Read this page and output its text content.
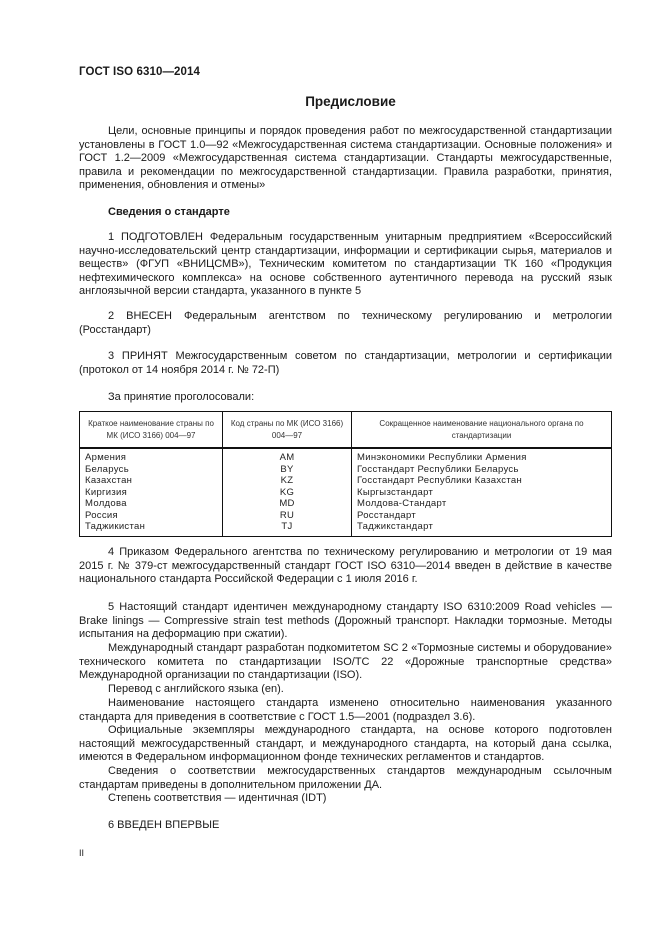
ГОСТ ISO 6310—2014
Предисловие
Цели, основные принципы и порядок проведения работ по межгосударственной стандартизации установлены в ГОСТ 1.0—92 «Межгосударственная система стандартизации. Основные положения» и ГОСТ 1.2—2009 «Межгосударственная система стандартизации. Стандарты межгосударственные, правила и рекомендации по межгосударственной стандартизации. Правила разработки, принятия, применения, обновления и отмены»
Сведения о стандарте
1 ПОДГОТОВЛЕН Федеральным государственным унитарным предприятием «Всероссийский научно-исследовательский центр стандартизации, информации и сертификации сырья, материалов и веществ» (ФГУП «ВНИЦСМВ»), Техническим комитетом по стандартизации ТК 160 «Продукция нефтехимического комплекса» на основе собственного аутентичного перевода на русский язык англоязычной версии стандарта, указанного в пункте 5
2 ВНЕСЕН Федеральным агентством по техническому регулированию и метрологии (Росстандарт)
3 ПРИНЯТ Межгосударственным советом по стандартизации, метрологии и сертификации (протокол от 14 ноября 2014 г. № 72-П)
За принятие проголосовали:
Краткое наименование страны по МК (ИСО 3166) 004—97	Код страны по МК (ИСО 3166) 004—97	Сокращенное наименование национального органа по стандартизации
Армения	AM	Минэкономики Республики Армения
Беларусь	BY	Госстандарт Республики Беларусь
Казахстан	KZ	Госстандарт Республики Казахстан
Киргизия	KG	Кыргызстандарт
Молдова	MD	Молдова-Стандарт
Россия	RU	Росстандарт
Таджикистан	TJ	Таджикстандарт
4 Приказом Федерального агентства по техническому регулированию и метрологии от 19 мая 2015 г. № 379-ст межгосударственный стандарт ГОСТ ISO 6310—2014 введен в действие в качестве национального стандарта Российской Федерации с 1 июля 2016 г.
5 Настоящий стандарт идентичен международному стандарту ISO 6310:2009 Road vehicles — Brake linings — Compressive strain test methods (Дорожный транспорт. Накладки тормозные. Методы испытания на деформацию при сжатии).
Международный стандарт разработан подкомитетом SC 2 «Тормозные системы и оборудование» технического комитета по стандартизации ISO/TC 22 «Дорожные транспортные средства» Международной организации по стандартизации (ISO).
Перевод с английского языка (en).
Наименование настоящего стандарта изменено относительно наименования указанного стандарта для приведения в соответствие с ГОСТ 1.5—2001 (подраздел 3.6).
Официальные экземпляры международного стандарта, на основе которого подготовлен настоящий межгосударственный стандарт, и международного стандарта, на который дана ссылка, имеются в Федеральном информационном фонде технических регламентов и стандартов.
Сведения о соответствии межгосударственных стандартов международным ссылочным стандартам приведены в дополнительном приложении ДА.
Степень соответствия — идентичная (IDT)
6 ВВЕДЕН ВПЕРВЫЕ
II
